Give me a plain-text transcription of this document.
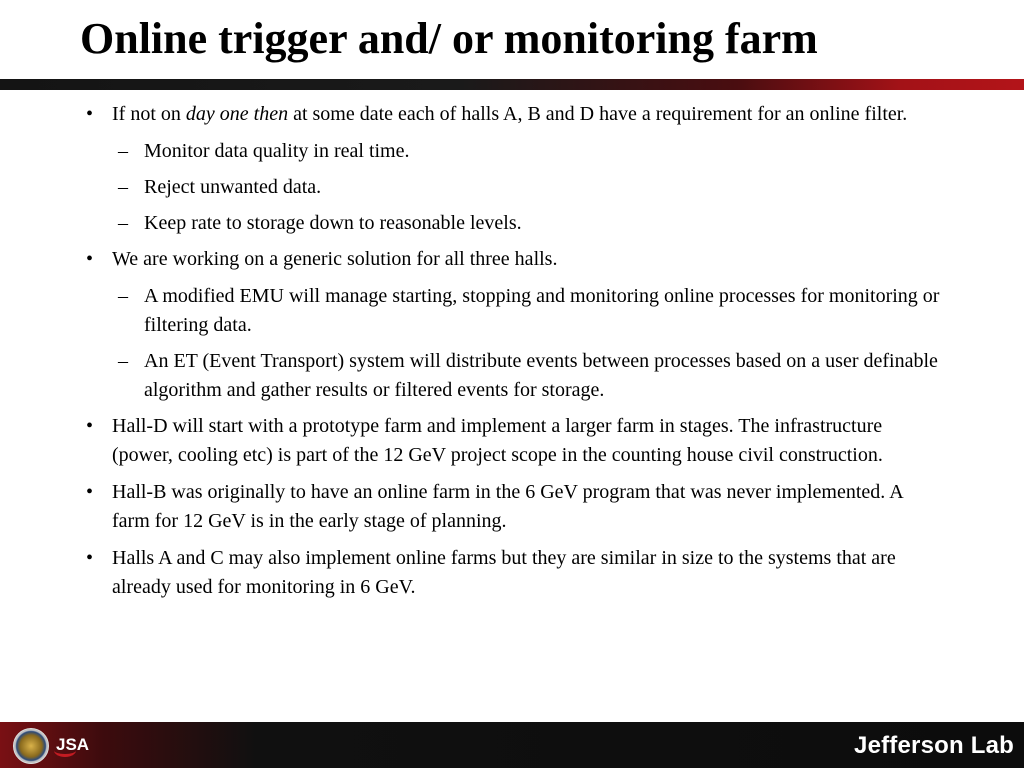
Online trigger and/ or monitoring farm
• If not on day one then at some date each of halls A, B and D have a requirement for an online filter.
– Monitor data quality in real time.
– Reject unwanted data.
– Keep rate to storage down to reasonable levels.
• We are working on a generic solution for all three halls.
– A modified EMU will manage starting, stopping and monitoring online processes for monitoring or filtering data.
– An ET (Event Transport) system will distribute events between processes based on a user definable algorithm and gather results or filtered events for storage.
• Hall-D will start with a prototype farm and implement a larger farm in stages. The infrastructure (power, cooling etc) is part of the 12 GeV project scope in the counting house civil construction.
• Hall-B was originally to have an online farm in the 6 GeV program that was never implemented. A farm for 12 GeV is in the early stage of planning.
• Halls A and C may also implement online farms but they are similar in size to the systems that are already used for monitoring in 6 GeV.
JSA	Jefferson Lab
